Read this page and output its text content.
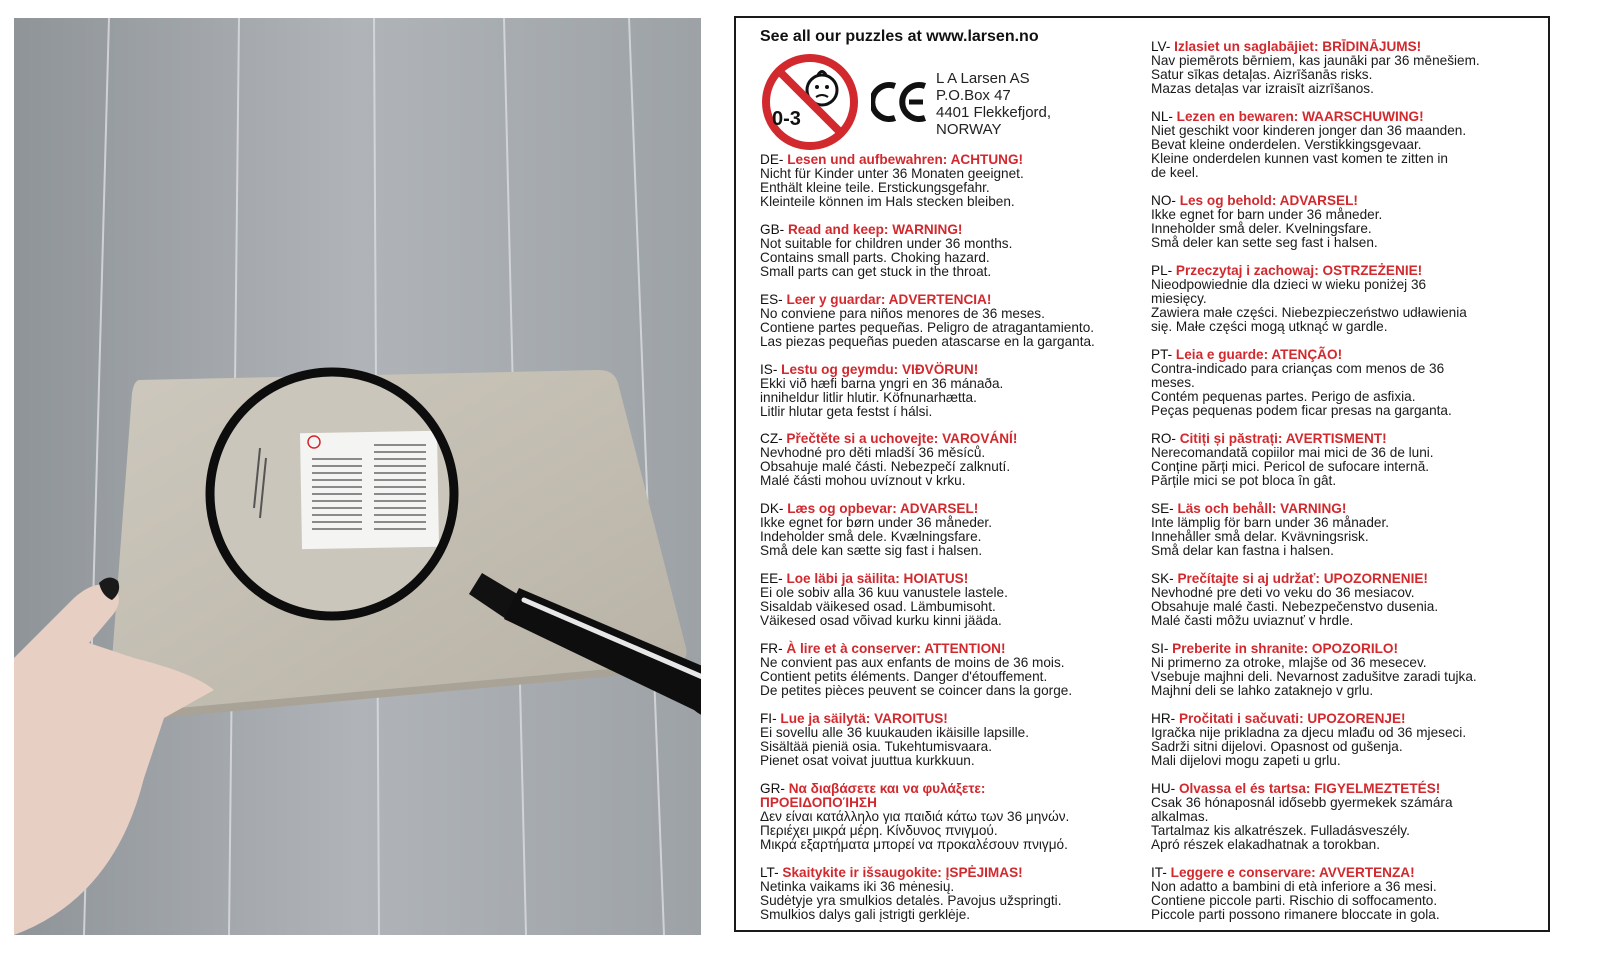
See all our puzzles at www.larsen.no
0-3
L A Larsen AS
P.O.Box 47
4401 Flekkefjord,
NORWAY
DE- Lesen und aufbewahren: ACHTUNG!
Nicht für Kinder unter 36 Monaten geeignet.
Enthält kleine teile. Erstickungsgefahr.
Kleinteile können im Hals stecken bleiben.
GB- Read and keep: WARNING!
Not suitable for children under 36 months.
Contains small parts. Choking hazard.
Small parts can get stuck in the throat.
ES- Leer y guardar: ADVERTENCIA!
No conviene para niños menores de 36 meses.
Contiene partes pequeñas. Peligro de atragantamiento.
Las piezas pequeñas pueden atascarse en la garganta.
IS- Lestu og geymdu: VIÐVÖRUN!
Ekki við hæfi barna yngri en 36 mánaða.
inniheldur litlir hlutir. Köfnunarhætta.
Litlir hlutar geta festst í hálsi.
CZ- Přečtěte si a uchovejte: VAROVÁNÍ!
Nevhodné pro děti mladší 36 měsíců.
Obsahuje malé části. Nebezpečí zalknutí.
Malé části mohou uvíznout v krku.
DK- Læs og opbevar: ADVARSEL!
Ikke egnet for børn under 36 måneder.
Indeholder små dele. Kvælningsfare.
Små dele kan sætte sig fast i halsen.
EE- Loe läbi ja säilita: HOIATUS!
Ei ole sobiv alla 36 kuu vanustele lastele.
Sisaldab väikesed osad. Lämbumisoht.
Väikesed osad võivad kurku kinni jääda.
FR- À lire et à conserver: ATTENTION!
Ne convient pas aux enfants de moins de 36 mois.
Contient petits éléments. Danger d'étouffement.
De petites pièces peuvent se coincer dans la gorge.
FI- Lue ja säilytä: VAROITUS!
Ei sovellu alle 36 kuukauden ikäisille lapsille.
Sisältää pieniä osia. Tukehtumisvaara.
Pienet osat voivat juuttua kurkkuun.
GR- Να διαβάσετε και να φυλάξετε:
ΠΡΟΕΙΔΟΠΟΊΗΣΗ
Δεν είναι κατάλληλο για παιδιά κάτω των 36 μηνών.
Περιέχει μικρά μέρη. Κίνδυνος πνιγμού.
Μικρά εξαρτήματα μπορεί να προκαλέσουν πνιγμό.
LT- Skaitykite ir išsaugokite: ĮSPĖJIMAS!
Netinka vaikams iki 36 mėnesių.
Sudėtyje yra smulkios detalės. Pavojus užspringti.
Smulkios dalys gali įstrigti gerklėje.
LV- Izlasiet un saglabājiet: BRĪDINĀJUMS!
Nav piemērots bērniem, kas jaunāki par 36 mēnešiem.
Satur sīkas detaļas. Aizrīšanās risks.
Mazas detaļas var izraisīt aizrīšanos.
NL- Lezen en bewaren: WAARSCHUWING!
Niet geschikt voor kinderen jonger dan 36 maanden.
Bevat kleine onderdelen. Verstikkingsgevaar.
Kleine onderdelen kunnen vast komen te zitten in
de keel.
NO- Les og behold: ADVARSEL!
Ikke egnet for barn under 36 måneder.
Inneholder små deler. Kvelningsfare.
Små deler kan sette seg fast i halsen.
PL- Przeczytaj i zachowaj: OSTRZEŻENIE!
Nieodpowiednie dla dzieci w wieku poniżej 36
miesięcy.
Zawiera małe części. Niebezpieczeństwo udławienia
się. Małe części mogą utknąć w gardle.
PT- Leia e guarde: ATENÇÃO!
Contra-indicado para crianças com menos de 36
meses.
Contém pequenas partes. Perigo de asfixia.
Peças pequenas podem ficar presas na garganta.
RO- Citiți și păstrați: AVERTISMENT!
Nerecomandată copiilor mai mici de 36 de luni.
Conține părți mici. Pericol de sufocare internă.
Părțile mici se pot bloca în gât.
SE- Läs och behåll: VARNING!
Inte lämplig för barn under 36 månader.
Innehåller små delar. Kvävningsrisk.
Små delar kan fastna i halsen.
SK- Prečítajte si aj udržať: UPOZORNENIE!
Nevhodné pre deti vo veku do 36 mesiacov.
Obsahuje malé časti. Nebezpečenstvo dusenia.
Malé časti môžu uviaznuť v hrdle.
SI- Preberite in shranite: OPOZORILO!
Ni primerno za otroke, mlajše od 36 mesecev.
Vsebuje majhni deli. Nevarnost zadušitve zaradi tujka.
Majhni deli se lahko zataknejo v grlu.
HR- Pročitati i sačuvati: UPOZORENJE!
Igračka nije prikladna za djecu mlađu od 36 mjeseci.
Sadrži sitni dijelovi. Opasnost od gušenja.
Mali dijelovi mogu zapeti u grlu.
HU- Olvassa el és tartsa: FIGYELMEZTETÉS!
Csak 36 hónaposnál idősebb gyermekek számára
alkalmas.
Tartalmaz kis alkatrészek. Fulladásveszély.
Apró részek elakadhatnak a torokban.
IT- Leggere e conservare: AVVERTENZA!
Non adatto a bambini di età inferiore a 36 mesi.
Contiene piccole parti. Rischio di soffocamento.
Piccole parti possono rimanere bloccate in gola.
